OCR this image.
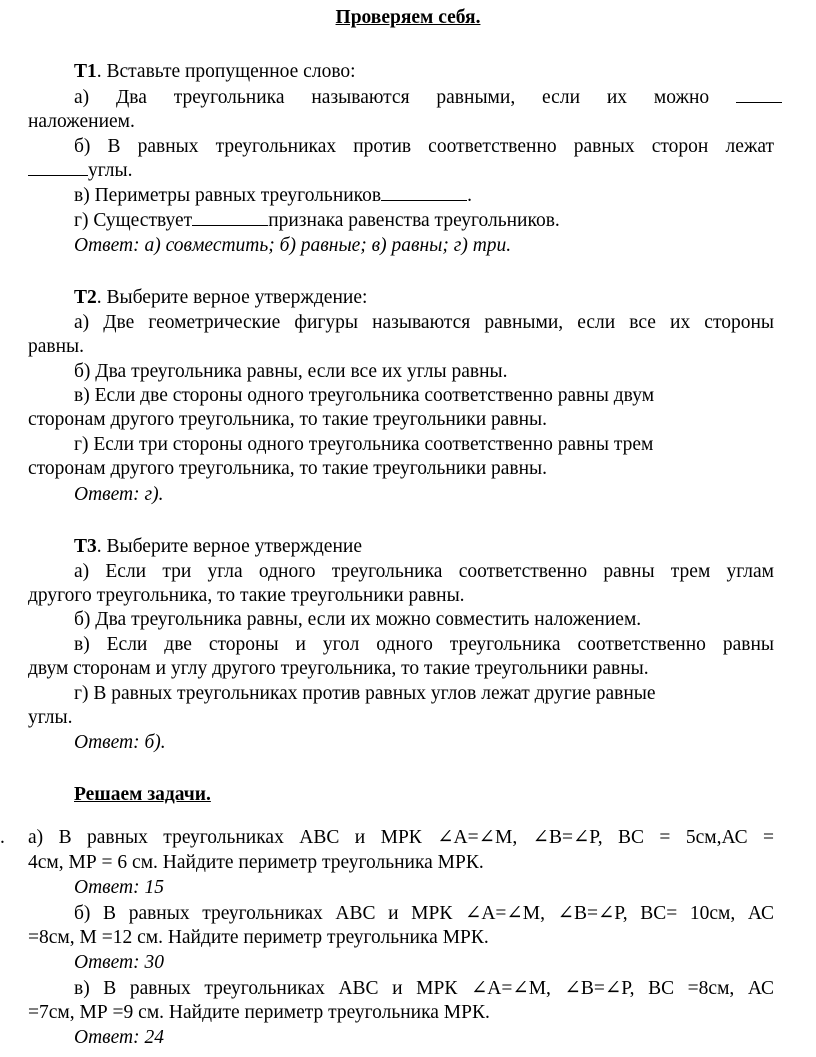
Проверяем себя.
Т1. Вставьте пропущенное слово:
а) Два треугольника называются равными, если их можно
наложением.
б) В равных треугольниках против соответственно равных сторон лежат
углы.
в) Периметры равных треугольников	.
г) Существует	признака равенства треугольников.
Ответ: а) совместить; б) равные; в) равны; г) три.
Т2. Выберите верное утверждение:
а) Две геометрические фигуры называются равными, если все их стороны
равны.
б) Два треугольника равны, если все их углы равны.
в) Если две стороны одного треугольника соответственно равны двум
сторонам другого треугольника, то такие треугольники равны.
г) Если три стороны одного треугольника соответственно равны трем
сторонам другого треугольника, то такие треугольники равны.
Ответ: г).
Т3. Выберите верное утверждение
а) Если три угла одного треугольника соответственно равны трем углам
другого треугольника, то такие треугольники равны.
б) Два треугольника равны, если их можно совместить наложением.
в) Если две стороны и угол одного треугольника соответственно равны
двум сторонам и углу другого треугольника, то такие треугольники равны.
г) В равных треугольниках против равных углов лежат другие равные
углы.
Ответ: б).
Решаем задачи.
. а) В равных треугольниках АВС и МРК ∠А=∠М, ∠В=∠Р, ВС = 5см,АС =
4см, МР = 6 см. Найдите периметр треугольника МРК.
Ответ: 15
б) В равных треугольниках АВС и МРК ∠А=∠М, ∠В=∠Р, ВС= 10см, АС
=8см, М =12 см. Найдите периметр треугольника МРК.
Ответ: 30
в) В равных треугольниках АВС и МРК ∠А=∠М, ∠В=∠Р, ВС =8см, АС
=7см, МР =9 см. Найдите периметр треугольника МРК.
Ответ: 24
